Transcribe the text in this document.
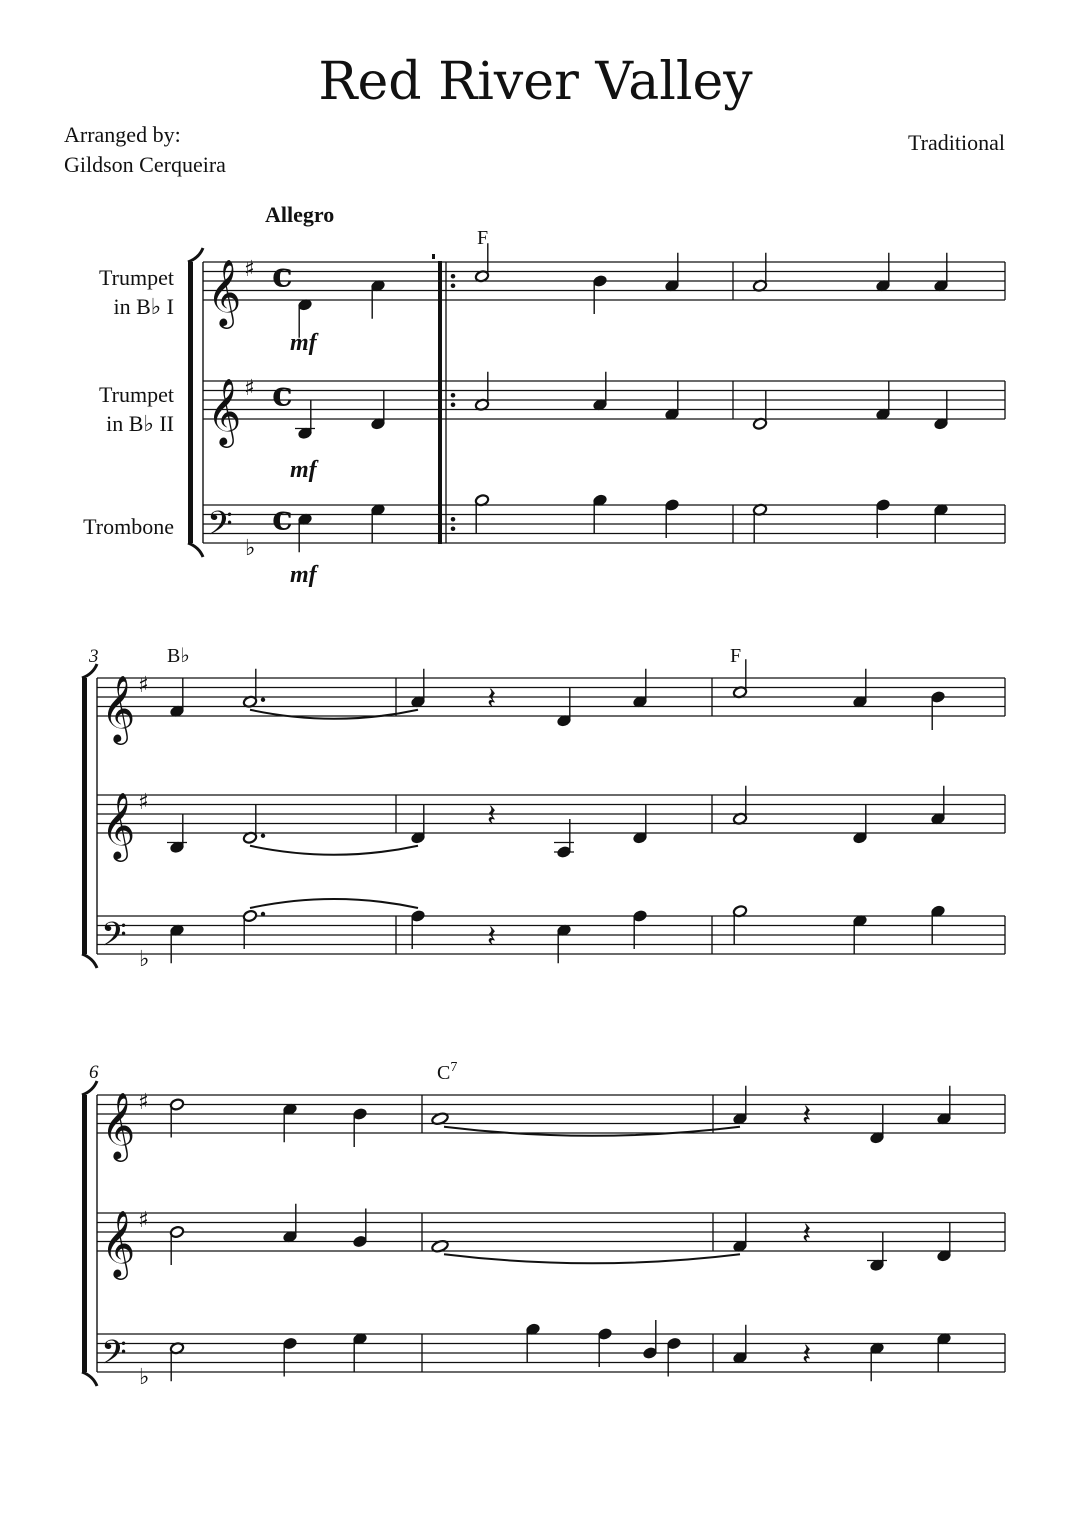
Red River Valley
Arranged by:
Gildson Cerqueira
Traditional
Allegro
Trumpet
in B♭ I
Trumpet
in B♭ II
Trombone
mf
mf
mf
F
B♭	F
$C^7$
3
6
𝄞 ♯ c
𝄞 ♯ c
𝄢 ♭
c
𝄞 ♯
𝄞 ♯
𝄢 ♭
𝄞 ♯
𝄞 ♯
𝄢 ♭
𝄽
𝄽
𝄽
𝄽
𝄽
𝄽
